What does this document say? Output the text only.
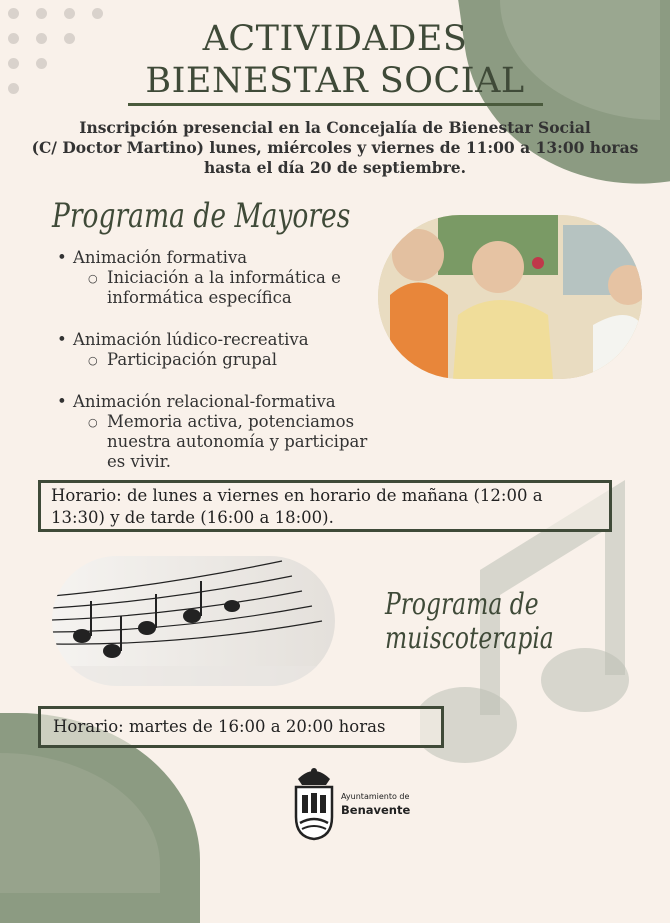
ACTIVIDADES
BIENESTAR SOCIAL
Inscripción presencial en la Concejalía de Bienestar Social
(C/ Doctor Martino) lunes, miércoles y viernes de 11:00 a 13:00 horas
hasta el día 20 de septiembre.
Programa de Mayores
• Animación formativa
○ Iniciación a la informática e
informática específica
• Animación lúdico-recreativa
○ Participación grupal
• Animación relacional-formativa
○ Memoria activa, potenciamos
nuestra autonomía y participar
es vivir.
Horario: de lunes a viernes en horario de mañana (12:00 a
13:30) y de tarde (16:00 a 18:00).
Programa de
muiscoterapia
Horario: martes de 16:00 a 20:00 horas
Ayuntamiento de
Benavente
